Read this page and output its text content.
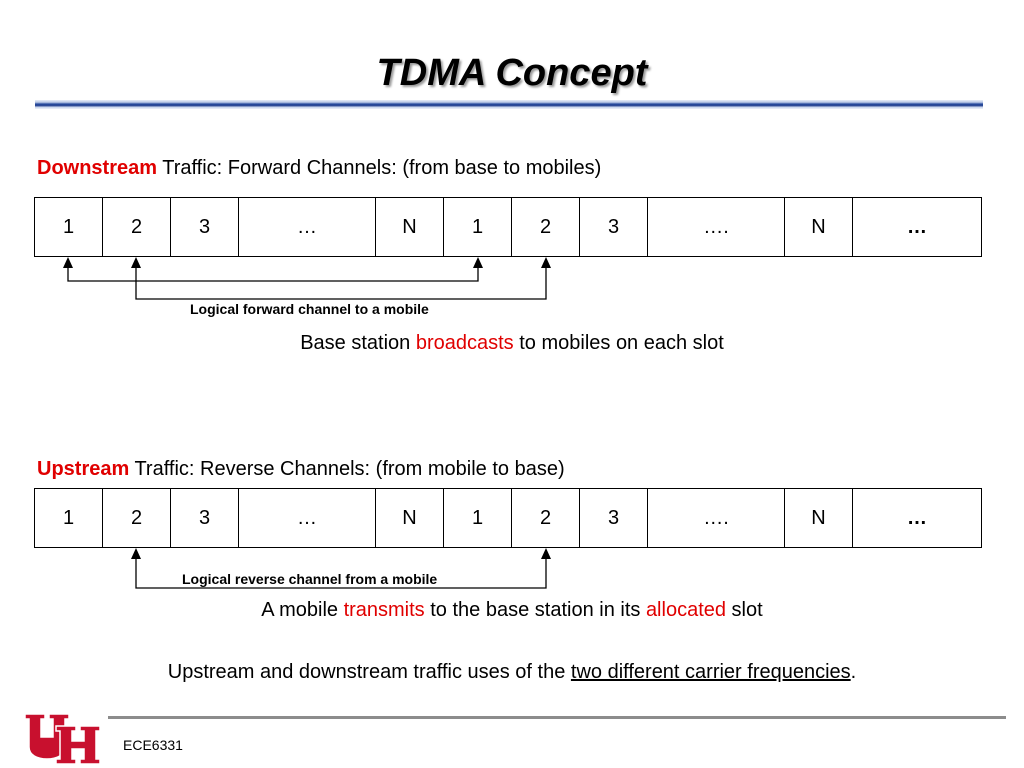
TDMA Concept
Downstream Traffic: Forward Channels: (from base to mobiles)
1	2	3	…	N	1	2	3	….	N	…
Logical forward channel to a mobile
Base station broadcasts to mobiles on each slot
Upstream Traffic: Reverse Channels: (from mobile to base)
1	2	3	…	N	1	2	3	….	N	…
Logical reverse channel from a mobile
A mobile transmits to the base station in its allocated slot
Upstream and downstream traffic uses of the two different carrier frequencies.
ECE6331
